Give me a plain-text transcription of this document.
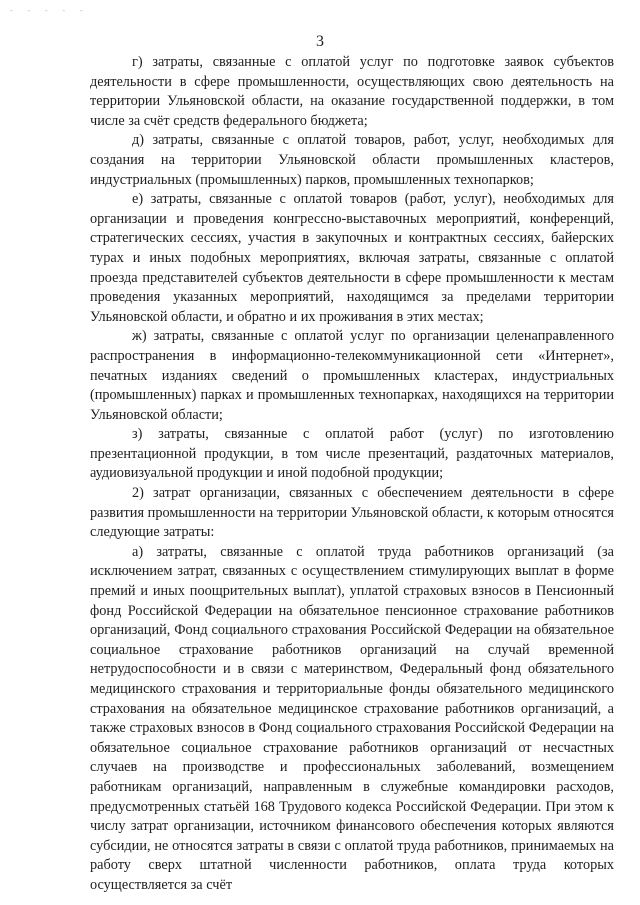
- - - - -
3

г) затраты, связанные с оплатой услуг по подготовке заявок субъектов деятельности в сфере промышленности, осуществляющих свою деятельность на территории Ульяновской области, на оказание государственной поддержки, в том числе за счёт средств федерального бюджета;

д) затраты, связанные с оплатой товаров, работ, услуг, необходимых для создания на территории Ульяновской области промышленных кластеров, индустриальных (промышленных) парков, промышленных технопарков;

е) затраты, связанные с оплатой товаров (работ, услуг), необходимых для организации и проведения конгрессно-выставочных мероприятий, конференций, стратегических сессиях, участия в закупочных и контрактных сессиях, байерских турах и иных подобных мероприятиях, включая затраты, связанные с оплатой проезда представителей субъектов деятельности в сфере промышленности к местам проведения указанных мероприятий, находящимся за пределами территории Ульяновской области, и обратно и их проживания в этих местах;

ж) затраты, связанные с оплатой услуг по организации целенаправленного распространения в информационно-телекоммуникационной сети «Интернет», печатных изданиях сведений о промышленных кластерах, индустриальных (промышленных) парках и промышленных технопарках, находящихся на территории Ульяновской области;

з) затраты, связанные с оплатой работ (услуг) по изготовлению презентационной продукции, в том числе презентаций, раздаточных материалов, аудиовизуальной продукции и иной подобной продукции;

2) затрат организации, связанных с обеспечением деятельности в сфере развития промышленности на территории Ульяновской области, к которым относятся следующие затраты:

а) затраты, связанные с оплатой труда работников организаций (за исключением затрат, связанных с осуществлением стимулирующих выплат в форме премий и иных поощрительных выплат), уплатой страховых взносов в Пенсионный фонд Российской Федерации на обязательное пенсионное страхование работников организаций, Фонд социального страхования Российской Федерации на обязательное социальное страхование работников организаций на случай временной нетрудоспособности и в связи с материнством, Федеральный фонд обязательного медицинского страхования и территориальные фонды обязательного медицинского страхования на обязательное медицинское страхование работников организаций, а также страховых взносов в Фонд социального страхования Российской Федерации на обязательное социальное страхование работников организаций от несчастных случаев на производстве и профессиональных заболеваний, возмещением работникам организаций, направленным в служебные командировки расходов, предусмотренных статьёй 168 Трудового кодекса Российской Федерации. При этом к числу затрат организации, источником финансового обеспечения которых являются субсидии, не относятся затраты в связи с оплатой труда работников, принимаемых на работу сверх штатной численности работников, оплата труда которых осуществляется за счёт
